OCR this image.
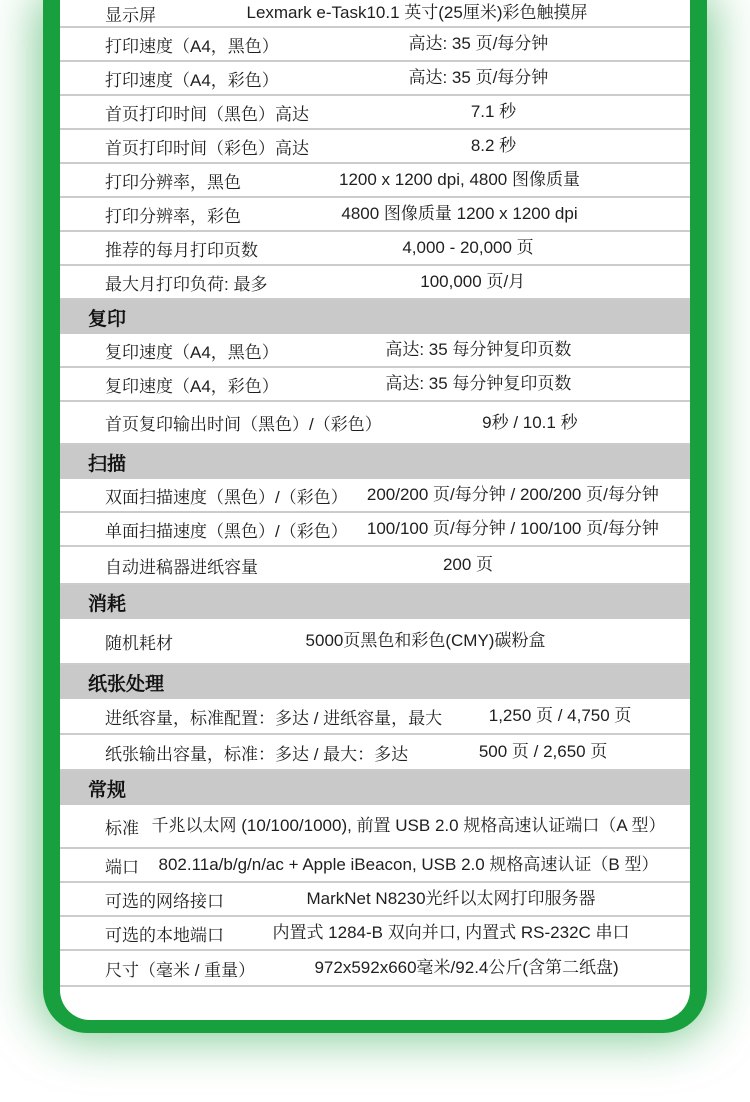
显示屏	Lexmark e-Task10.1 英寸(25厘米)彩色触摸屏
打印速度（A4，黑色）	高达: 35 页/每分钟
打印速度（A4，彩色）	高达: 35 页/每分钟
首页打印时间（黑色）高达	7.1 秒
首页打印时间（彩色）高达	8.2 秒
打印分辨率，黑色	1200 x 1200 dpi, 4800 图像质量
打印分辨率，彩色	4800 图像质量 1200 x 1200 dpi
推荐的每月打印页数	4,000 - 20,000 页
最大月打印负荷: 最多	100,000 页/月
复印
复印速度（A4，黑色）	高达: 35 每分钟复印页数
复印速度（A4，彩色）	高达: 35 每分钟复印页数
首页复印输出时间（黑色）/（彩色）	9秒 / 10.1 秒
扫描
双面扫描速度（黑色）/（彩色）	200/200 页/每分钟 / 200/200 页/每分钟
单面扫描速度（黑色）/（彩色）	100/100 页/每分钟 / 100/100 页/每分钟
自动进稿器进纸容量	200 页
消耗
随机耗材	5000页黑色和彩色(CMY)碳粉盒
纸张处理
进纸容量，标准配置：多达 / 进纸容量，最大	1,250 页 / 4,750 页
纸张输出容量，标准：多达 / 最大：多达	500 页 / 2,650 页
常规
标准 千兆以太网 (10/100/1000), 前置 USB 2.0 规格高速认证端口（A 型）
端口	802.11a/b/g/n/ac + Apple iBeacon, USB 2.0 规格高速认证（B 型）
可选的网络接口	MarkNet N8230光纤以太网打印服务器
可选的本地端口	内置式 1284-B 双向并口, 内置式 RS-232C 串口
尺寸（毫米 / 重量）	972x592x660毫米/92.4公斤(含第二纸盘)
